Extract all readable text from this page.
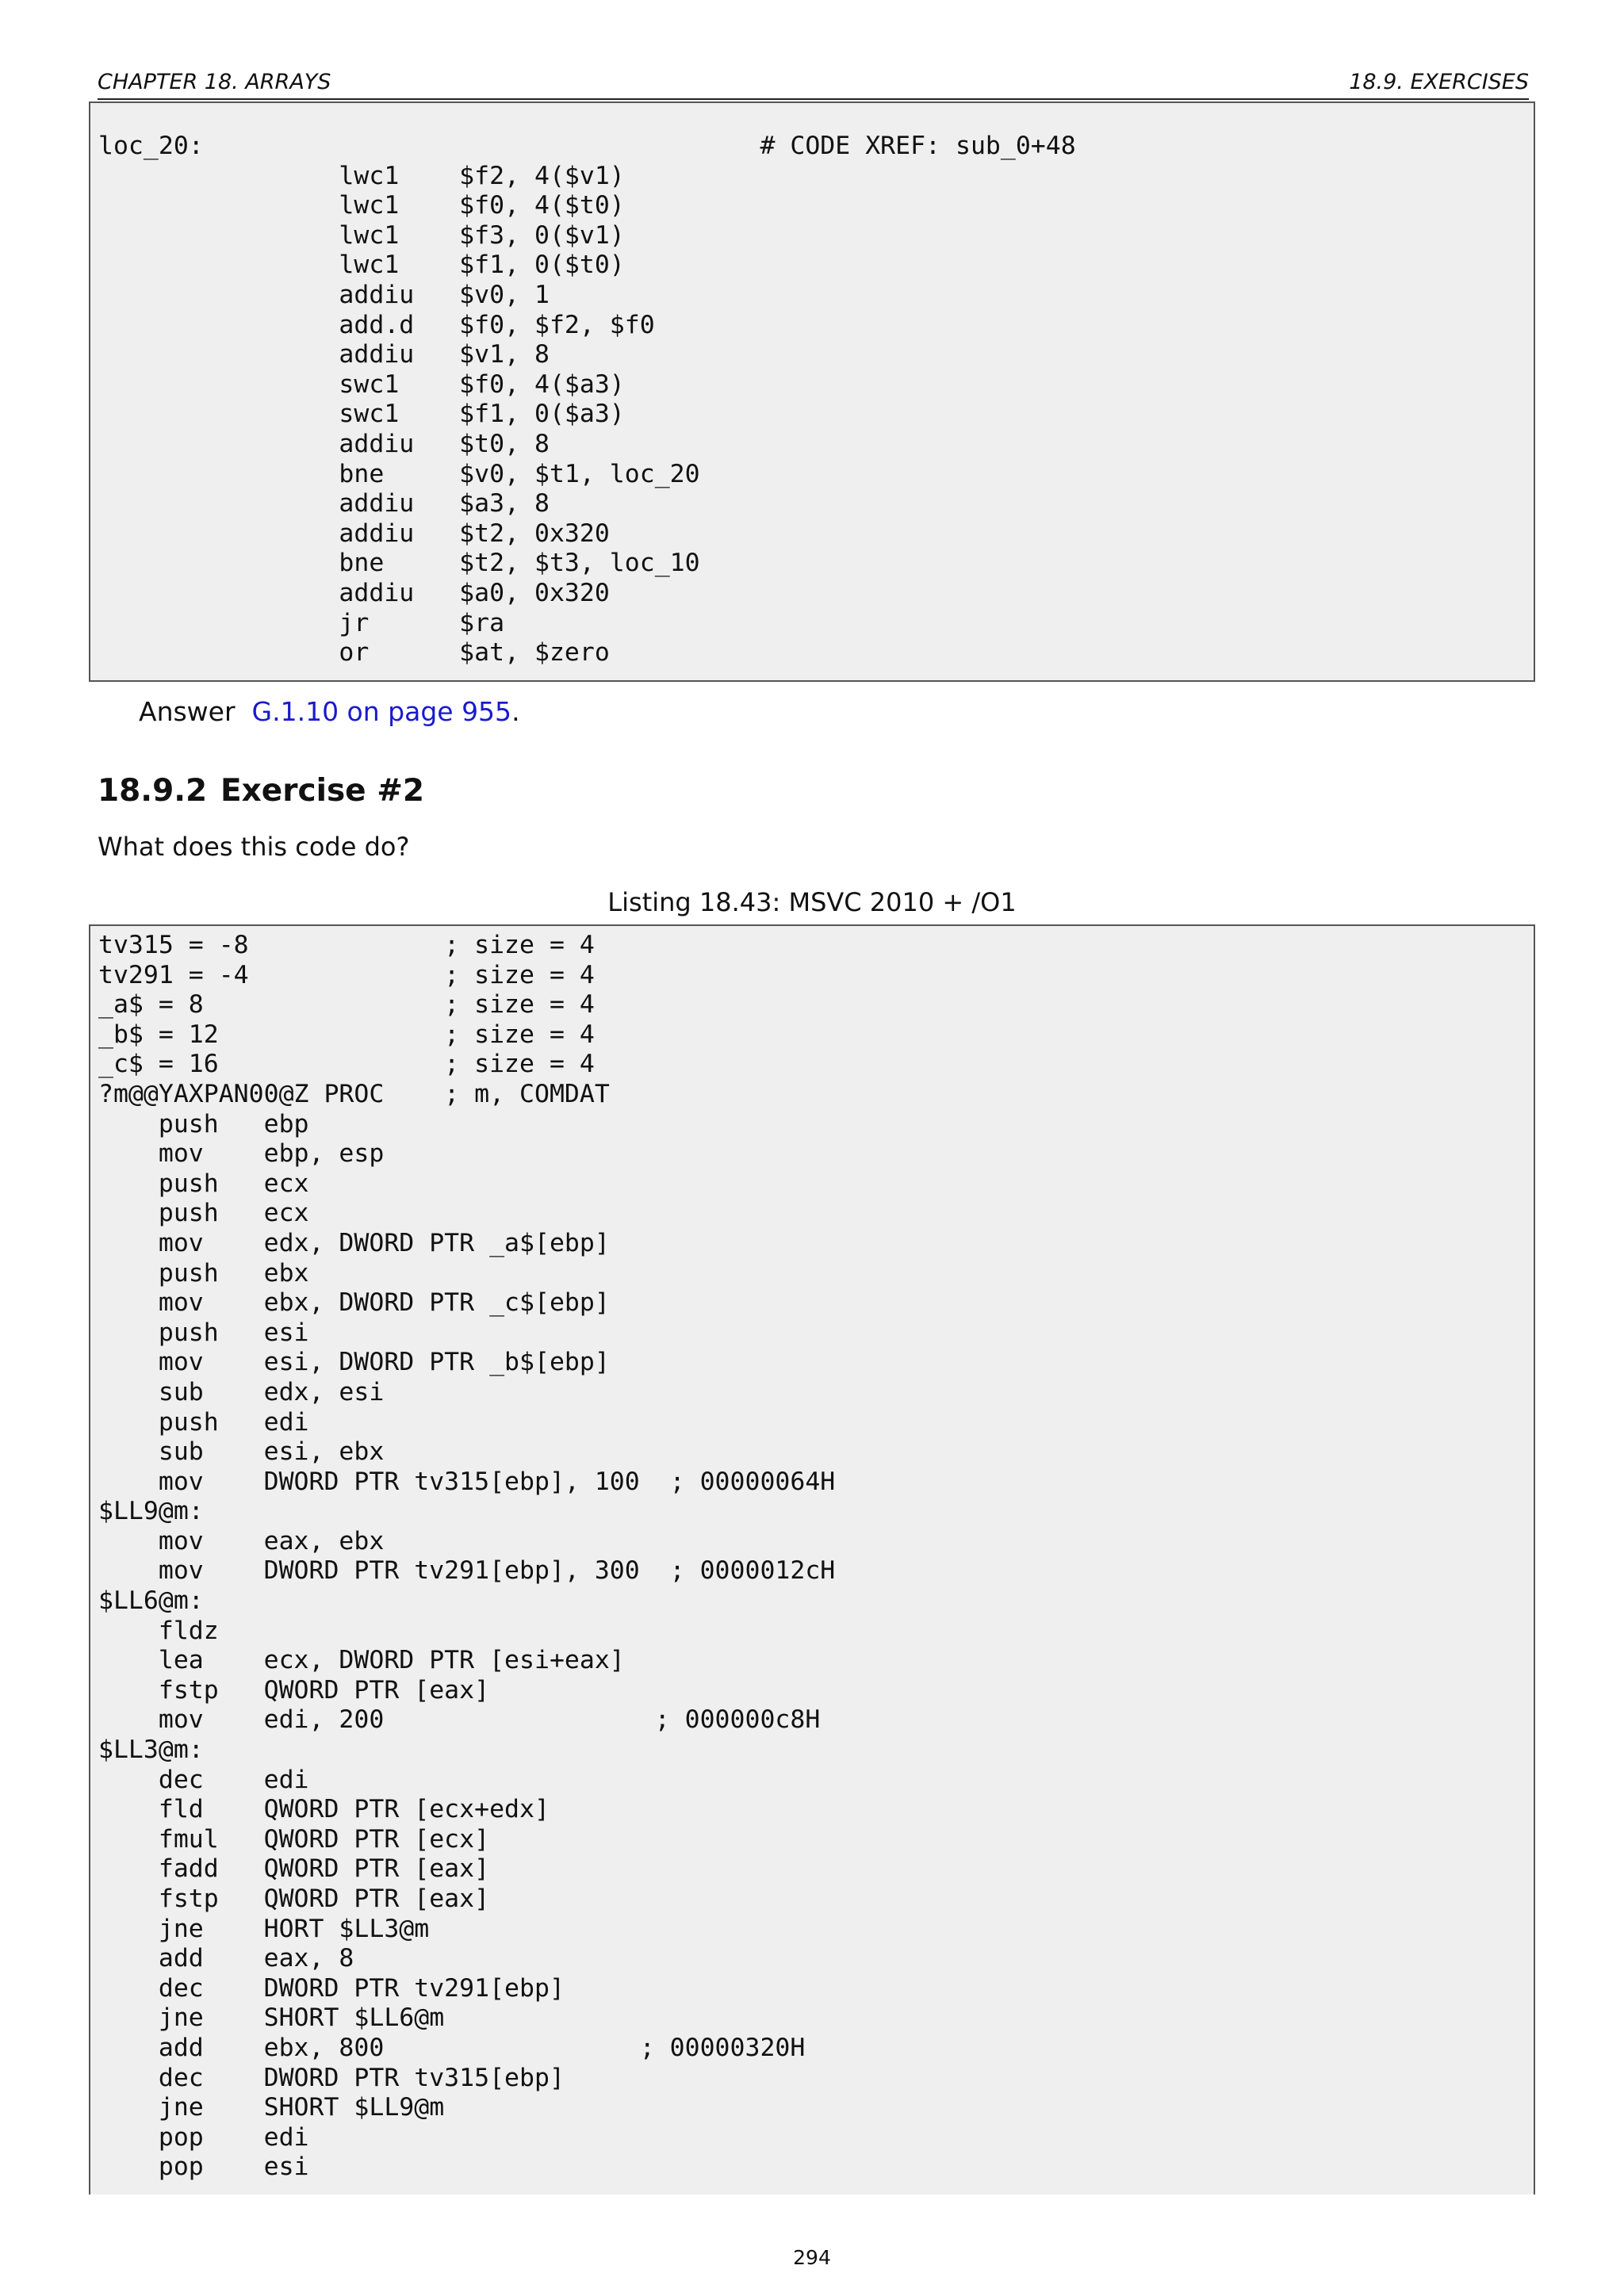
CHAPTER 18. ARRAYS	18.9. EXERCISES
loc_20:                                     # CODE XREF: sub_0+48
lwc1    $f2, 4($v1)
lwc1    $f0, 4($t0)
lwc1    $f3, 0($v1)
lwc1    $f1, 0($t0)
addiu   $v0, 1
add.d   $f0, $f2, $f0
addiu   $v1, 8
swc1    $f0, 4($a3)
swc1    $f1, 0($a3)
addiu   $t0, 8
bne     $v0, $t1, loc_20
addiu   $a3, 8
addiu   $t2, 0x320
bne     $t2, $t3, loc_10
addiu   $a0, 0x320
jr      $ra
or      $at, $zero
Answer G.1.10 on page 955.
18.9.2 Exercise #2
What does this code do?
Listing 18.43: MSVC 2010 + /O1
tv315 = -8             ; size = 4
tv291 = -4             ; size = 4
_a$ = 8                ; size = 4
_b$ = 12               ; size = 4
_c$ = 16               ; size = 4
?m@@YAXPAN00@Z PROC    ; m, COMDAT
push   ebp
mov    ebp, esp
push   ecx
push   ecx
mov    edx, DWORD PTR _a$[ebp]
push   ebx
mov    ebx, DWORD PTR _c$[ebp]
push   esi
mov    esi, DWORD PTR _b$[ebp]
sub    edx, esi
push   edi
sub    esi, ebx
mov    DWORD PTR tv315[ebp], 100  ; 00000064H
$LL9@m:
mov    eax, ebx
mov    DWORD PTR tv291[ebp], 300  ; 0000012cH
$LL6@m:
fldz
lea    ecx, DWORD PTR [esi+eax]
fstp   QWORD PTR [eax]
mov    edi, 200                  ; 000000c8H
$LL3@m:
dec    edi
fld    QWORD PTR [ecx+edx]
fmul   QWORD PTR [ecx]
fadd   QWORD PTR [eax]
fstp   QWORD PTR [eax]
jne    HORT $LL3@m
add    eax, 8
dec    DWORD PTR tv291[ebp]
jne    SHORT $LL6@m
add    ebx, 800                 ; 00000320H
dec    DWORD PTR tv315[ebp]
jne    SHORT $LL9@m
pop    edi
pop    esi
294
